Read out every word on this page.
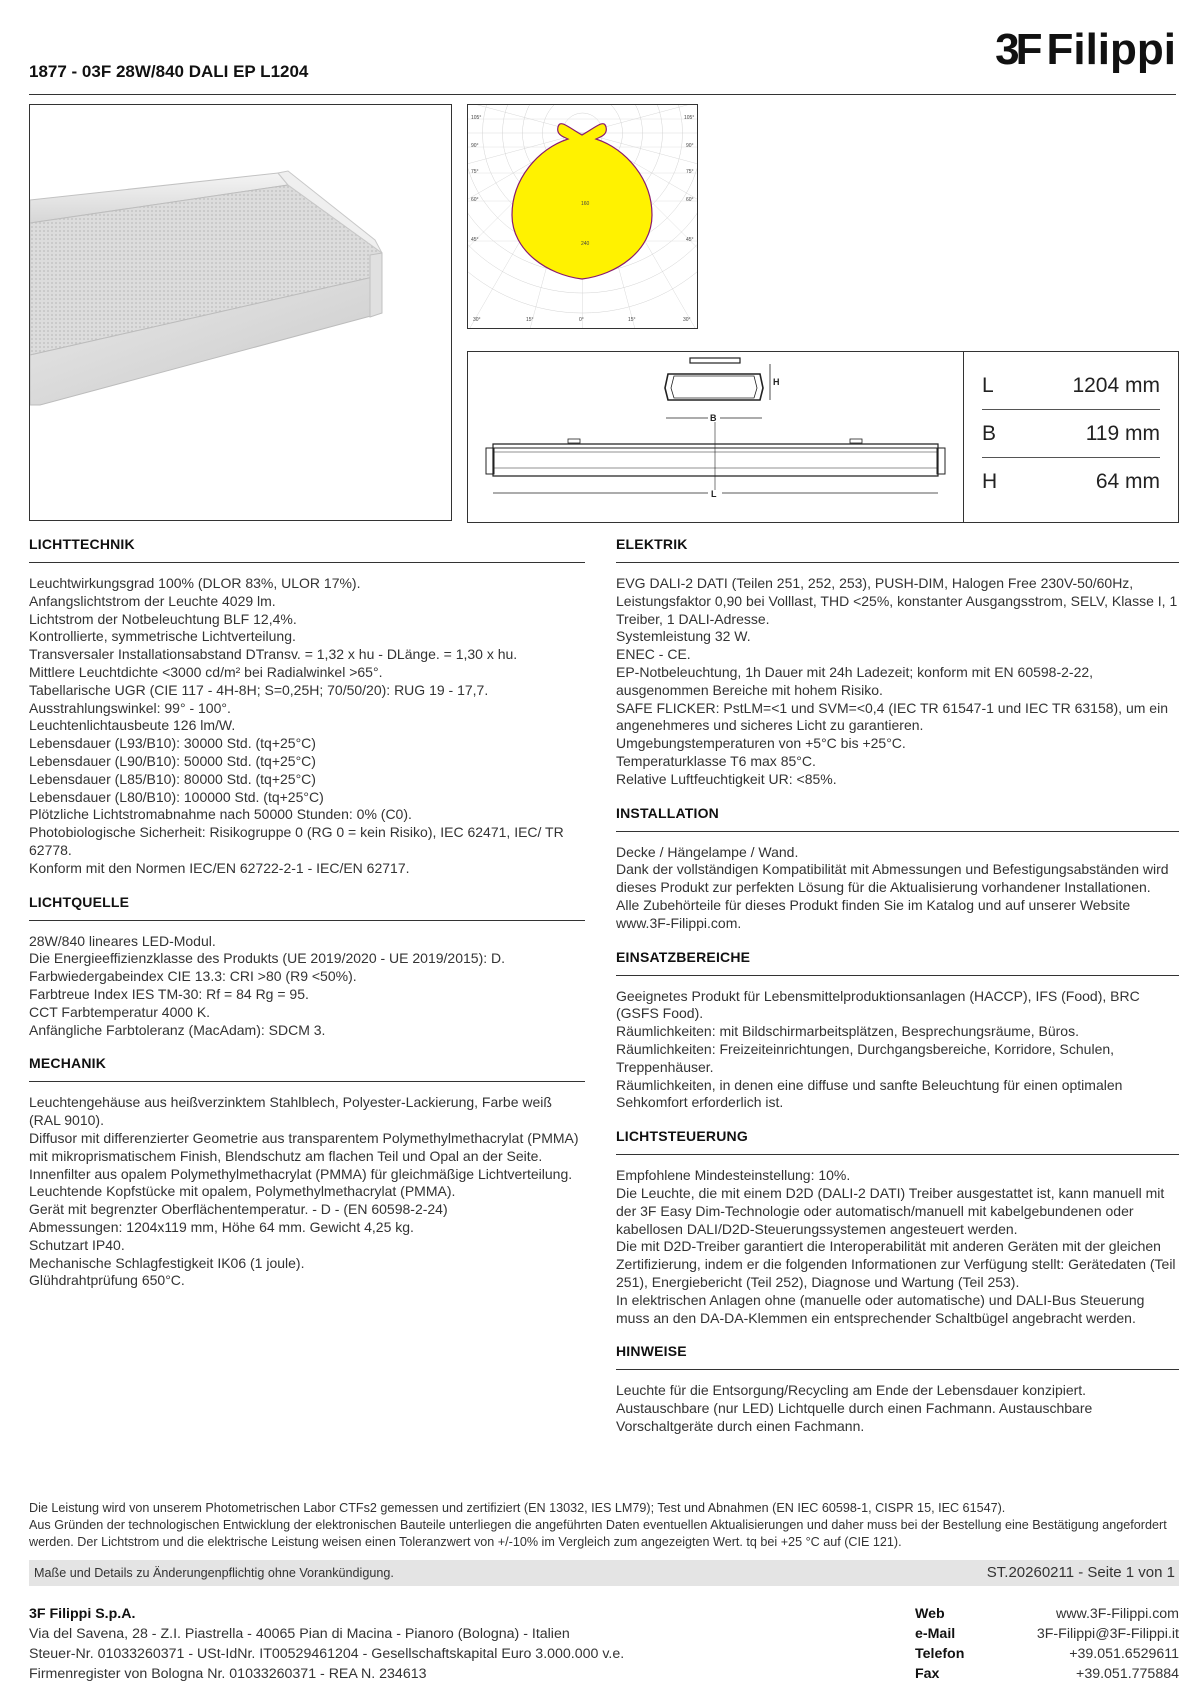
1877 - 03F 28W/840 DALI EP L1204	3F Filippi
105°
90°
75°
60°
45°
30°	15°	0°	15°	30°
105°
90°
75°
60°
45°
160
240
H
B
L
L	1204 mm
B	119 mm
H	64 mm
LICHTTECHNIK
Leuchtwirkungsgrad 100% (DLOR 83%, ULOR 17%).
Anfangslichtstrom der Leuchte 4029 lm.
Lichtstrom der Notbeleuchtung BLF 12,4%.
Kontrollierte, symmetrische Lichtverteilung.
Transversaler Installationsabstand DTransv. = 1,32 x hu - DLänge. = 1,30 x hu.
Mittlere Leuchtdichte <3000 cd/m² bei Radialwinkel >65°.
Tabellarische UGR (CIE 117 - 4H-8H; S=0,25H; 70/50/20): RUG 19 - 17,7.
Ausstrahlungswinkel: 99° - 100°.
Leuchtenlichtausbeute 126 lm/W.
Lebensdauer (L93/B10): 30000 Std. (tq+25°C)
Lebensdauer (L90/B10): 50000 Std. (tq+25°C)
Lebensdauer (L85/B10): 80000 Std. (tq+25°C)
Lebensdauer (L80/B10): 100000 Std. (tq+25°C)
Plötzliche Lichtstromabnahme nach 50000 Stunden: 0% (C0).
Photobiologische Sicherheit: Risikogruppe 0 (RG 0 = kein Risiko), IEC 62471, IEC/ TR 62778.
Konform mit den Normen IEC/EN 62722-2-1 - IEC/EN 62717.
LICHTQUELLE
28W/840 lineares LED-Modul.
Die Energieeffizienzklasse des Produkts (UE 2019/2020 - UE 2019/2015): D.
Farbwiedergabeindex CIE 13.3: CRI >80 (R9 <50%).
Farbtreue Index IES TM-30: Rf = 84 Rg = 95.
CCT Farbtemperatur 4000 K.
Anfängliche Farbtoleranz (MacAdam): SDCM 3.
MECHANIK
Leuchtengehäuse aus heißverzinktem Stahlblech, Polyester-Lackierung, Farbe weiß (RAL 9010).
Diffusor mit differenzierter Geometrie aus transparentem Polymethylmethacrylat (PMMA) mit mikroprismatischem Finish, Blendschutz am flachen Teil und Opal an der Seite.
Innenfilter aus opalem Polymethylmethacrylat (PMMA) für gleichmäßige Lichtverteilung.
Leuchtende Kopfstücke mit opalem, Polymethylmethacrylat (PMMA).
Gerät mit begrenzter Oberflächentemperatur. - D - (EN 60598-2-24)
Abmessungen: 1204x119 mm, Höhe 64 mm. Gewicht 4,25 kg.
Schutzart IP40.
Mechanische Schlagfestigkeit IK06 (1 joule).
Glühdrahtprüfung 650°C.
ELEKTRIK
EVG DALI-2 DATI (Teilen 251, 252, 253), PUSH-DIM, Halogen Free 230V-50/60Hz, Leistungsfaktor 0,90 bei Volllast, THD <25%, konstanter Ausgangsstrom, SELV, Klasse I, 1 Treiber, 1 DALI-Adresse.
Systemleistung 32 W.
ENEC - CE.
EP-Notbeleuchtung, 1h Dauer mit 24h Ladezeit; konform mit EN 60598-2-22, ausgenommen Bereiche mit hohem Risiko.
SAFE FLICKER: PstLM=<1 und SVM=<0,4 (IEC TR 61547-1 und IEC TR 63158), um ein angenehmeres und sicheres Licht zu garantieren.
Umgebungstemperaturen von +5°C bis +25°C.
Temperaturklasse T6 max 85°C.
Relative Luftfeuchtigkeit UR: <85%.
INSTALLATION
Decke / Hängelampe / Wand.
Dank der vollständigen Kompatibilität mit Abmessungen und Befestigungsabständen wird dieses Produkt zur perfekten Lösung für die Aktualisierung vorhandener Installationen.
Alle Zubehörteile für dieses Produkt finden Sie im Katalog und auf unserer Website www.3F-Filippi.com.
EINSATZBEREICHE
Geeignetes Produkt für Lebensmittelproduktionsanlagen (HACCP), IFS (Food), BRC (GSFS Food).
Räumlichkeiten: mit Bildschirmarbeitsplätzen, Besprechungsräume, Büros.
Räumlichkeiten: Freizeiteinrichtungen, Durchgangsbereiche, Korridore, Schulen, Treppenhäuser.
Räumlichkeiten, in denen eine diffuse und sanfte Beleuchtung für einen optimalen Sehkomfort erforderlich ist.
LICHTSTEUERUNG
Empfohlene Mindesteinstellung: 10%.
Die Leuchte, die mit einem D2D (DALI-2 DATI) Treiber ausgestattet ist, kann manuell mit der 3F Easy Dim-Technologie oder automatisch/manuell mit kabelgebundenen oder kabellosen DALI/D2D-Steuerungssystemen angesteuert werden.
Die mit D2D-Treiber garantiert die Interoperabilität mit anderen Geräten mit der gleichen Zertifizierung, indem er die folgenden Informationen zur Verfügung stellt: Gerätedaten (Teil 251), Energiebericht (Teil 252), Diagnose und Wartung (Teil 253).
In elektrischen Anlagen ohne (manuelle oder automatische) und DALI-Bus Steuerung muss an den DA-DA-Klemmen ein entsprechender Schaltbügel angebracht werden.
HINWEISE
Leuchte für die Entsorgung/Recycling am Ende der Lebensdauer konzipiert.
Austauschbare (nur LED) Lichtquelle durch einen Fachmann. Austauschbare Vorschaltgeräte durch einen Fachmann.
Die Leistung wird von unserem Photometrischen Labor CTFs2 gemessen und zertifiziert (EN 13032, IES LM79); Test und Abnahmen (EN IEC 60598-1, CISPR 15, IEC 61547).
Aus Gründen der technologischen Entwicklung der elektronischen Bauteile unterliegen die angeführten Daten eventuellen Aktualisierungen und daher muss bei der Bestellung eine Bestätigung angefordert werden. Der Lichtstrom und die elektrische Leistung weisen einen Toleranzwert von +/-10% im Vergleich zum angezeigten Wert. tq bei +25 °C auf (CIE 121).
Maße und Details zu Änderungenpflichtig ohne Vorankündigung.	ST.20260211 - Seite 1 von 1
3F Filippi S.p.A.
Via del Savena, 28 - Z.I. Piastrella - 40065 Pian di Macina - Pianoro (Bologna) - Italien
Steuer-Nr. 01033260371 - USt-IdNr. IT00529461204 - Gesellschaftskapital Euro 3.000.000 v.e.
Firmenregister von Bologna Nr. 01033260371 - REA N. 234613
Web	www.3F-Filippi.com
e-Mail	3F-Filippi@3F-Filippi.it
Telefon	+39.051.6529611
Fax	+39.051.775884
